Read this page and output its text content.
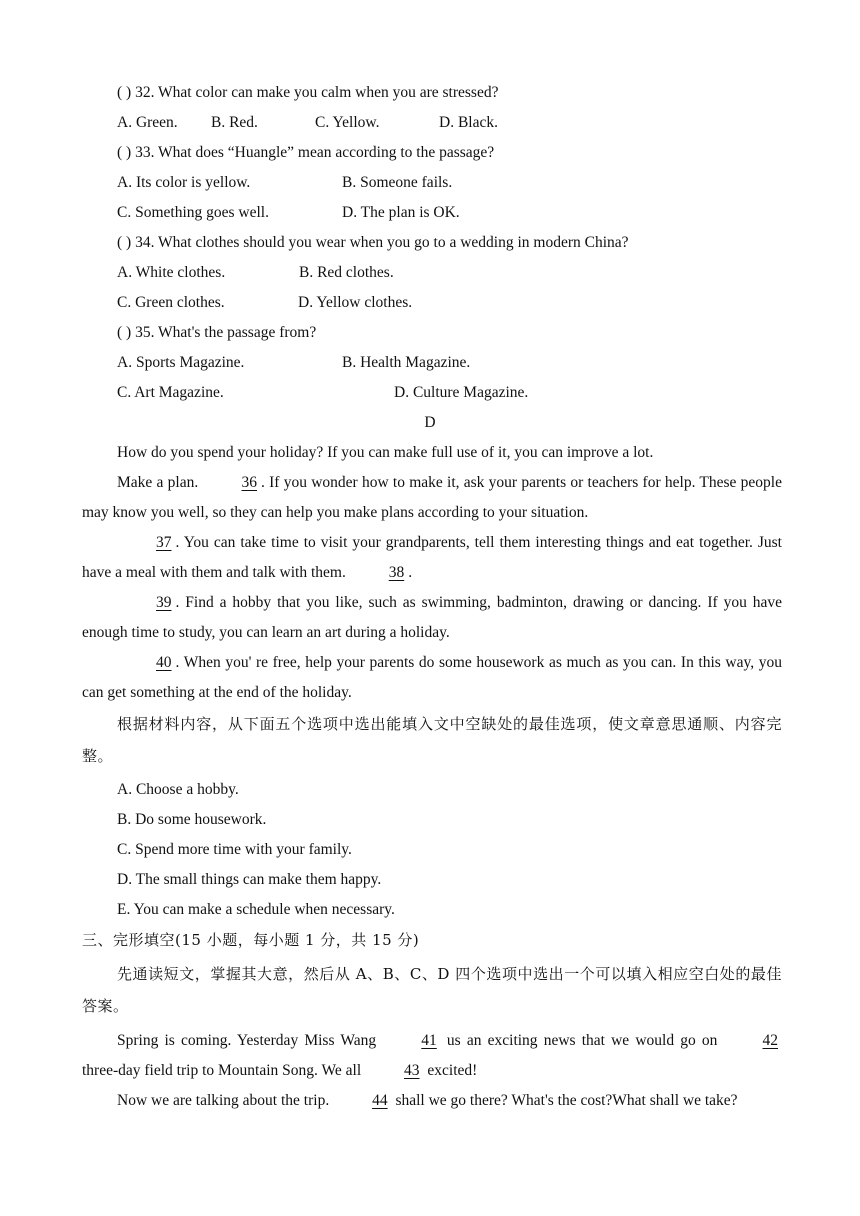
( ) 32. What color can make you calm when you are stressed?
A. Green. B. Red.	C. Yellow.	D. Black.
( ) 33. What does “Huangle” mean according to the passage?
A. Its color is yellow.	B. Someone fails.
C. Something goes well.	D. The plan is OK.
( ) 34. What clothes should you wear when you go to a wedding in modern China?
A. White clothes.	B. Red clothes.
C. Green clothes.	D. Yellow clothes.
( ) 35. What's the passage from?
A. Sports Magazine.	B. Health Magazine.
C. Art Magazine.	D. Culture Magazine.
D
How do you spend your holiday? If you can make full use of it, you can improve a lot.
Make a plan.	36 . If you wonder how to make it, ask your parents or teachers for help. These people may know you well, so they can help you make plans according to your situation.
37 . You can take time to visit your grandparents, tell them interesting things and eat together. Just have a meal with them and talk with them.	38 .
39 . Find a hobby that you like, such as swimming, badminton, drawing or dancing. If you have enough time to study, you can learn an art during a holiday.
40 . When you' re free, help your parents do some housework as much as you can. In this way, you can get something at the end of the holiday.
根据材料内容，从下面五个选项中选出能填入文中空缺处的最佳选项，使文章意思通顺、内容完整。
A. Choose a hobby.
B. Do some housework.
C. Spend more time with your family.
D. The small things can make them happy.
E. You can make a schedule when necessary.
三、完形填空(15 小题，每小题 1 分，共 15 分)
先通读短文，掌握其大意，然后从 A、B、C、D 四个选项中选出一个可以填入相应空白处的最佳答案。
Spring is coming. Yesterday Miss Wang	41 us an exciting news that we would go on	42 three-day field trip to Mountain Song. We all	43 excited!
Now we are talking about the trip.	44 shall we go there? What's the cost?What shall we take?
